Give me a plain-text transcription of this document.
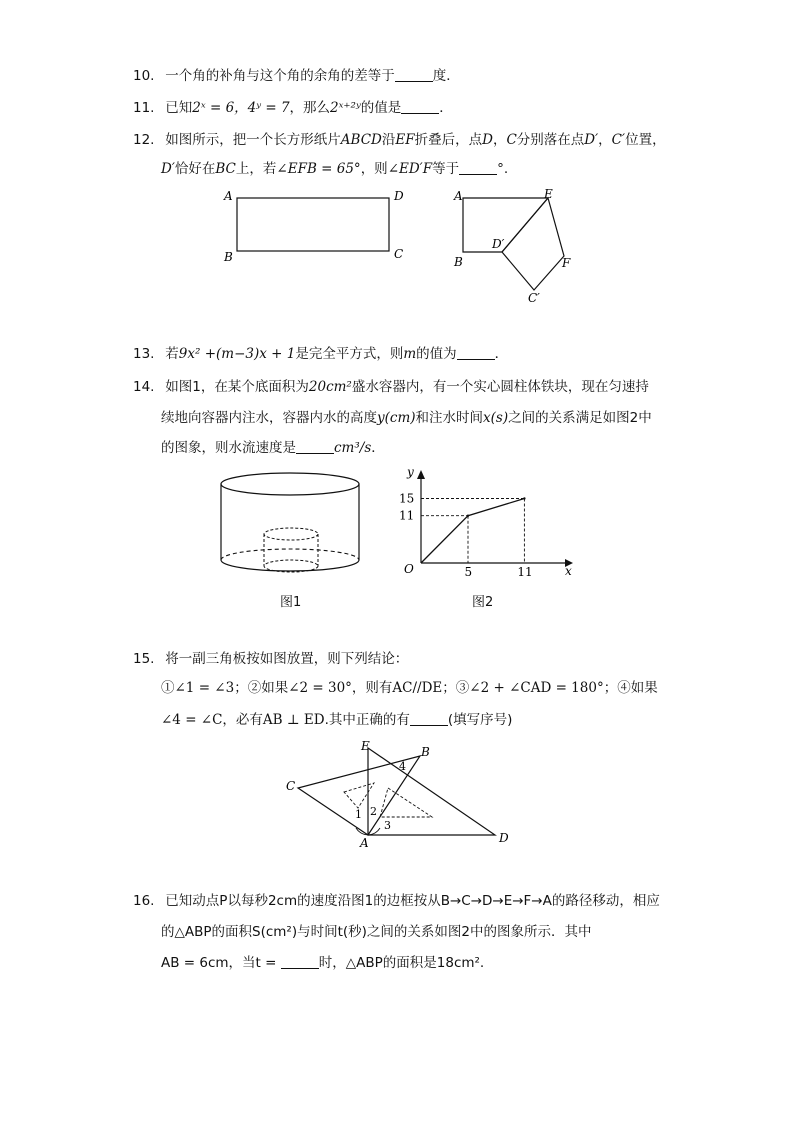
10. 一个角的补角与这个角的余角的差等于	度．
11. 已知2ˣ = 6，4ʸ = 7，那么2ˣ⁺²ʸ的值是	．
12. 如图所示，把一个长方形纸片ABCD沿EF折叠后，点D，C分别落在点D′，C′位置，
D′恰好在BC上，若∠EFB = 65°，则∠ED′F等于	°.
A	D
B	C
A	E
B
D′
F
C′
13. 若9x² +(m−3)x + 1是完全平方式，则m的值为	．
14. 如图1，在某个底面积为20cm²盛水容器内，有一个实心圆柱体铁块，现在匀速持
续地向容器内注水，容器内水的高度y(cm)和注水时间x(s)之间的关系满足如图2中
的图象，则水流速度是	cm³/s．
图1
x
y
O	5
11
11
15
图2
15. 将一副三角板按如图放置，则下列结论：
①∠1 = ∠3；②如果∠2 = 30°，则有AC//DE；③∠2 + ∠CAD = 180°；④如果
∠4 = ∠C，必有AB ⊥ ED.其中正确的有	(填写序号)
C
E	B
D
A
1 2
3
4
16. 已知动点P以每秒2cm的速度沿图1的边框按从B→C→D→E→F→A的路径移动，相应
的△ABP的面积S(cm²)与时间t(秒)之间的关系如图2中的图象所示．其中
AB = 6cm，当t =	时，△ABP的面积是18cm².
